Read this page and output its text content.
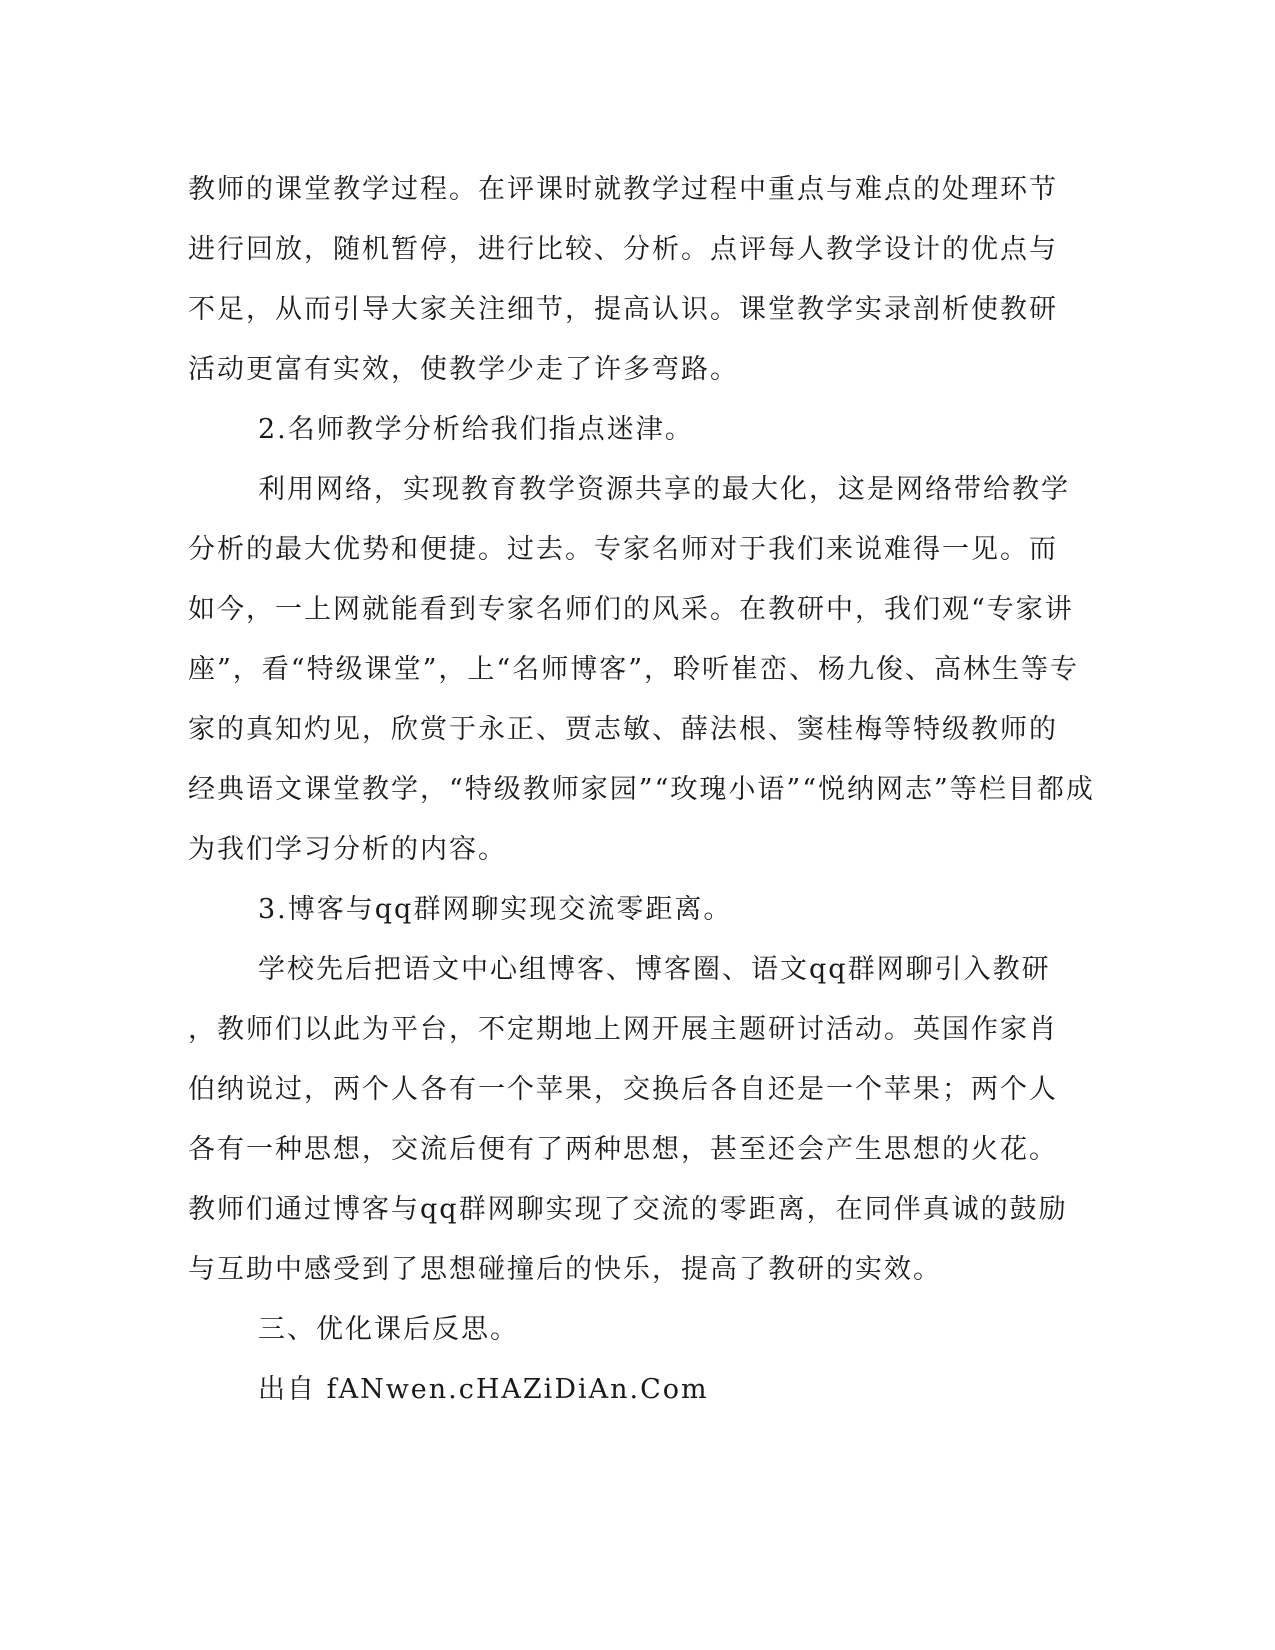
教师的课堂教学过程。在评课时就教学过程中重点与难点的处理环节
进行回放，随机暂停，进行比较、分析。点评每人教学设计的优点与
不足，从而引导大家关注细节，提高认识。课堂教学实录剖析使教研
活动更富有实效，使教学少走了许多弯路。
2.名师教学分析给我们指点迷津。
利用网络，实现教育教学资源共享的最大化，这是网络带给教学
分析的最大优势和便捷。过去。专家名师对于我们来说难得一见。而
如今，一上网就能看到专家名师们的风采。在教研中，我们观“专家讲
座”，看“特级课堂”，上“名师博客”，聆听崔峦、杨九俊、高林生等专
家的真知灼见，欣赏于永正、贾志敏、薛法根、窦桂梅等特级教师的
经典语文课堂教学，“特级教师家园”“玫瑰小语”“悦纳网志”等栏目都成
为我们学习分析的内容。
3.博客与qq群网聊实现交流零距离。
学校先后把语文中心组博客、博客圈、语文qq群网聊引入教研
，教师们以此为平台，不定期地上网开展主题研讨活动。英国作家肖
伯纳说过，两个人各有一个苹果，交换后各自还是一个苹果；两个人
各有一种思想，交流后便有了两种思想，甚至还会产生思想的火花。
教师们通过博客与qq群网聊实现了交流的零距离，在同伴真诚的鼓励
与互助中感受到了思想碰撞后的快乐，提高了教研的实效。
三、优化课后反思。
出自 fANwen.cHAZiDiAn.Com
